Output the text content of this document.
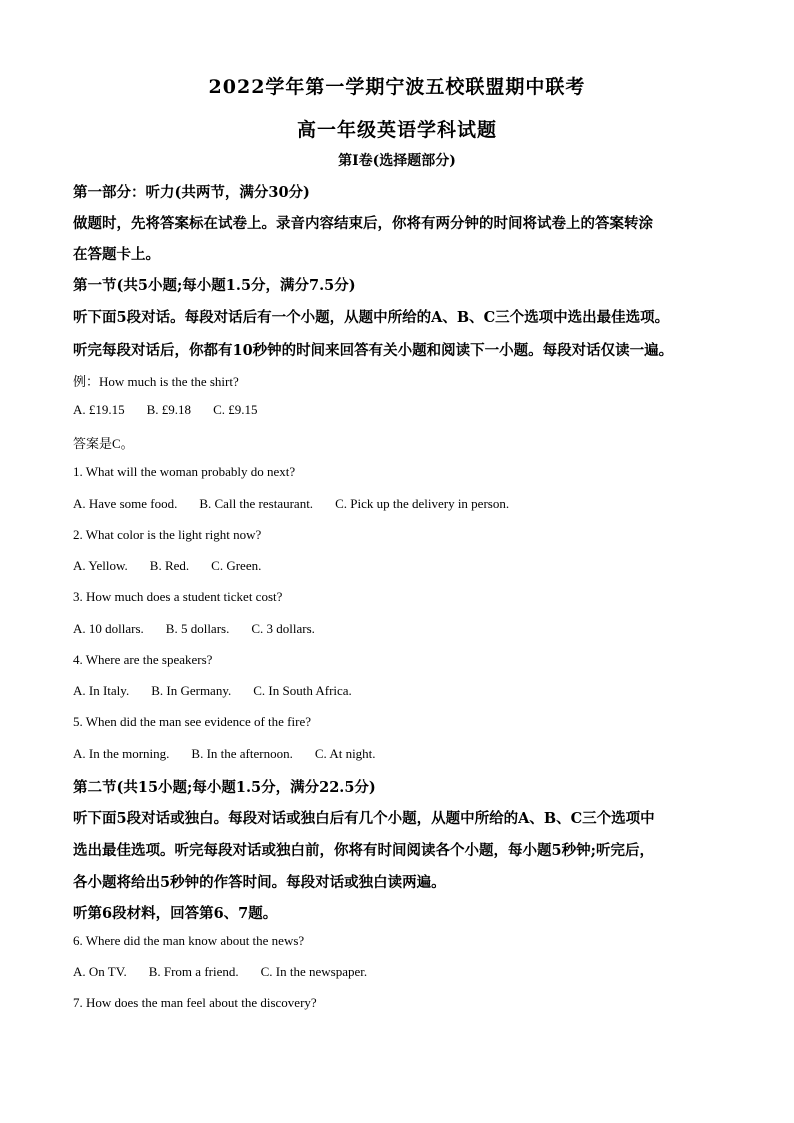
2022学年第一学期宁波五校联盟期中联考
高一年级英语学科试题
第Ⅰ卷(选择题部分)
第一部分：听力(共两节，满分30分)
做题时，先将答案标在试卷上。录音内容结束后，你将有两分钟的时间将试卷上的答案转涂
在答题卡上。
第一节(共5小题;每小题1.5分，满分7.5分)
听下面5段对话。每段对话后有一个小题，从题中所给的A、B、C三个选项中选出最佳选项。
听完每段对话后，你都有10秒钟的时间来回答有关小题和阅读下一小题。每段对话仅读一遍。
例：How much is the the shirt?
A. £19.15 B. £9.18 C. £9.15
答案是C。
1. What will the woman probably do next?
A. Have some food. B. Call the restaurant. C. Pick up the delivery in person.
2. What color is the light right now?
A. Yellow. B. Red. C. Green.
3. How much does a student ticket cost?
A. 10 dollars. B. 5 dollars. C. 3 dollars.
4. Where are the speakers?
A. In Italy. B. In Germany. C. In South Africa.
5. When did the man see evidence of the fire?
A. In the morning. B. In the afternoon. C. At night.
第二节(共15小题;每小题1.5分，满分22.5分)
听下面5段对话或独白。每段对话或独白后有几个小题，从题中所给的A、B、C三个选项中
选出最佳选项。听完每段对话或独白前，你将有时间阅读各个小题，每小题5秒钟;听完后，
各小题将给出5秒钟的作答时间。每段对话或独白读两遍。
听第6段材料，回答第6、7题。
6. Where did the man know about the news?
A. On TV. B. From a friend. C. In the newspaper.
7. How does the man feel about the discovery?
